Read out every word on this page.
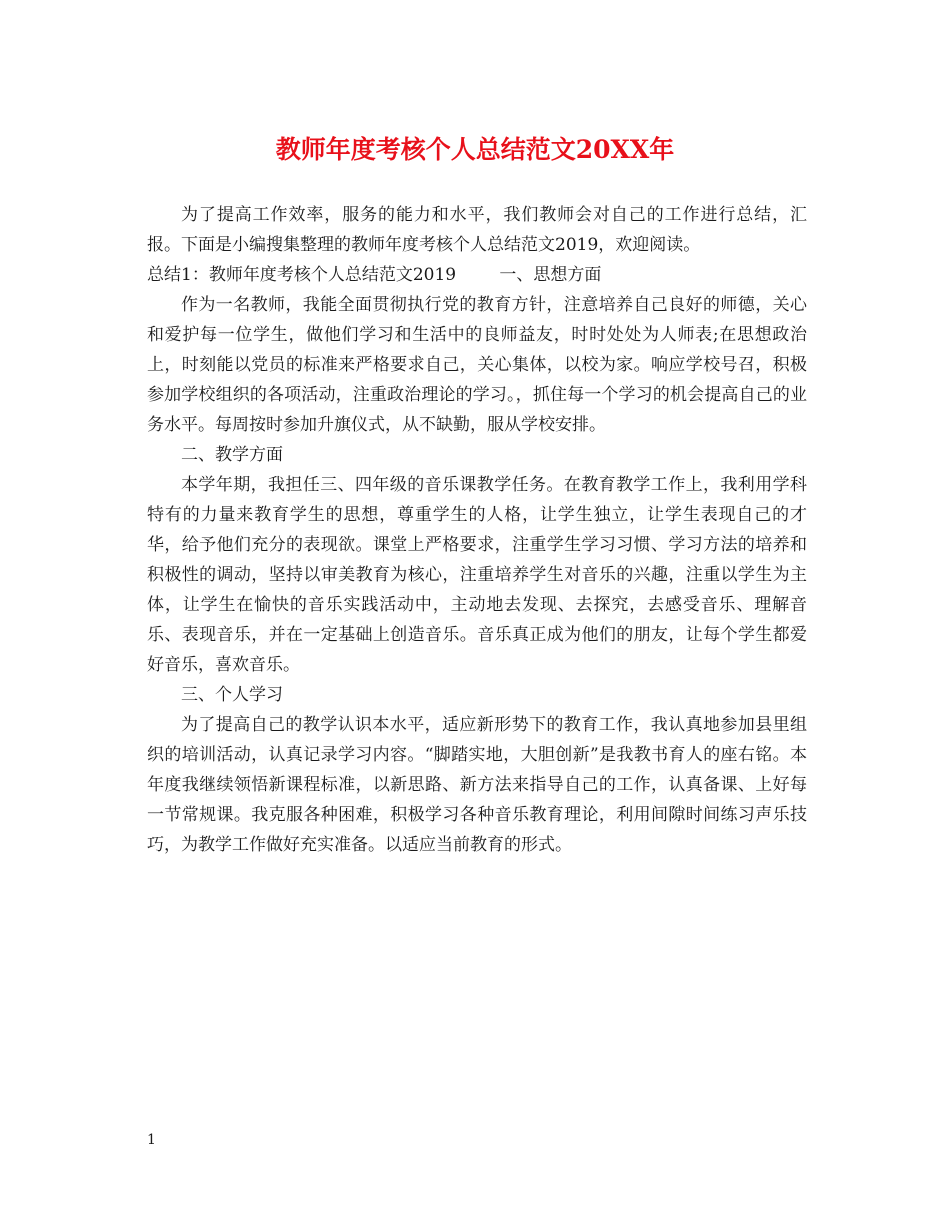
教师年度考核个人总结范文20XX年

为了提高工作效率，服务的能力和水平，我们教师会对自己的工作进行总结，汇报。下面是小编搜集整理的教师年度考核个人总结范文2019，欢迎阅读。

总结1：教师年度考核个人总结范文2019	一、思想方面

作为一名教师，我能全面贯彻执行党的教育方针，注意培养自己良好的师德，关心和爱护每一位学生，做他们学习和生活中的良师益友，时时处处为人师表;在思想政治上，时刻能以党员的标准来严格要求自己，关心集体，以校为家。响应学校号召，积极参加学校组织的各项活动，注重政治理论的学习。，抓住每一个学习的机会提高自己的业务水平。每周按时参加升旗仪式，从不缺勤，服从学校安排。

二、教学方面

本学年期，我担任三、四年级的音乐课教学任务。在教育教学工作上，我利用学科特有的力量来教育学生的思想，尊重学生的人格，让学生独立，让学生表现自己的才华，给予他们充分的表现欲。课堂上严格要求，注重学生学习习惯、学习方法的培养和积极性的调动，坚持以审美教育为核心，注重培养学生对音乐的兴趣，注重以学生为主体，让学生在愉快的音乐实践活动中，主动地去发现、去探究，去感受音乐、理解音乐、表现音乐，并在一定基础上创造音乐。音乐真正成为他们的朋友，让每个学生都爱好音乐，喜欢音乐。

三、个人学习

为了提高自己的教学认识本水平，适应新形势下的教育工作，我认真地参加县里组织的培训活动，认真记录学习内容。“脚踏实地，大胆创新”是我教书育人的座右铭。本年度我继续领悟新课程标准，以新思路、新方法来指导自己的工作，认真备课、上好每一节常规课。我克服各种困难，积极学习各种音乐教育理论，利用间隙时间练习声乐技巧，为教学工作做好充实准备。以适应当前教育的形式。

1
